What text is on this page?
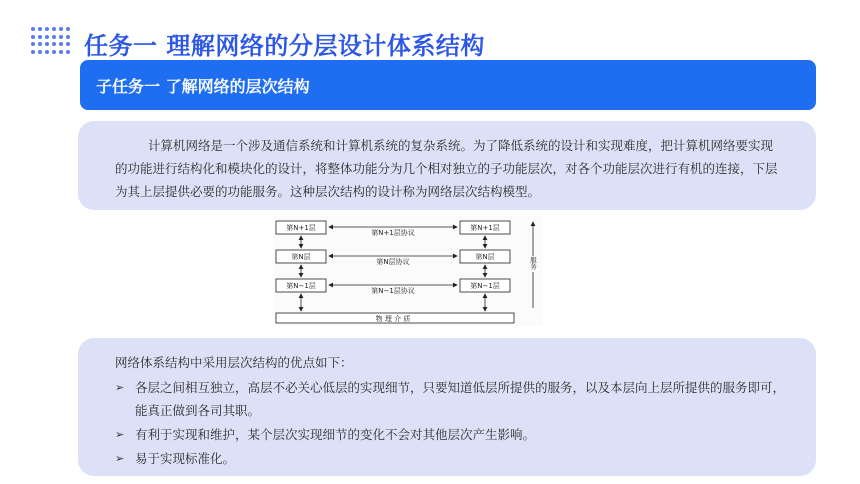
任务一 理解网络的分层设计体系结构
子任务一 了解网络的层次结构
计算机网络是一个涉及通信系统和计算机系统的复杂系统。为了降低系统的设计和实现难度，把计算机网络要实现的功能进行结构化和模块化的设计，将整体功能分为几个相对独立的子功能层次，对各个功能层次进行有机的连接，下层为其上层提供必要的功能服务。这种层次结构的设计称为网络层次结构模型。
第N+1层
第N层
第N−1层
第N+1层
第N层
第N−1层
第N+1层协议
第N层协议
第N−1层协议
服务
物 理 介 质
网络体系结构中采用层次结构的优点如下：
➢ 各层之间相互独立，高层不必关心低层的实现细节，只要知道低层所提供的服务，以及本层向上层所提供的服务即可，能真正做到各司其职。
➢ 有利于实现和维护，某个层次实现细节的变化不会对其他层次产生影响。
➢ 易于实现标准化。
